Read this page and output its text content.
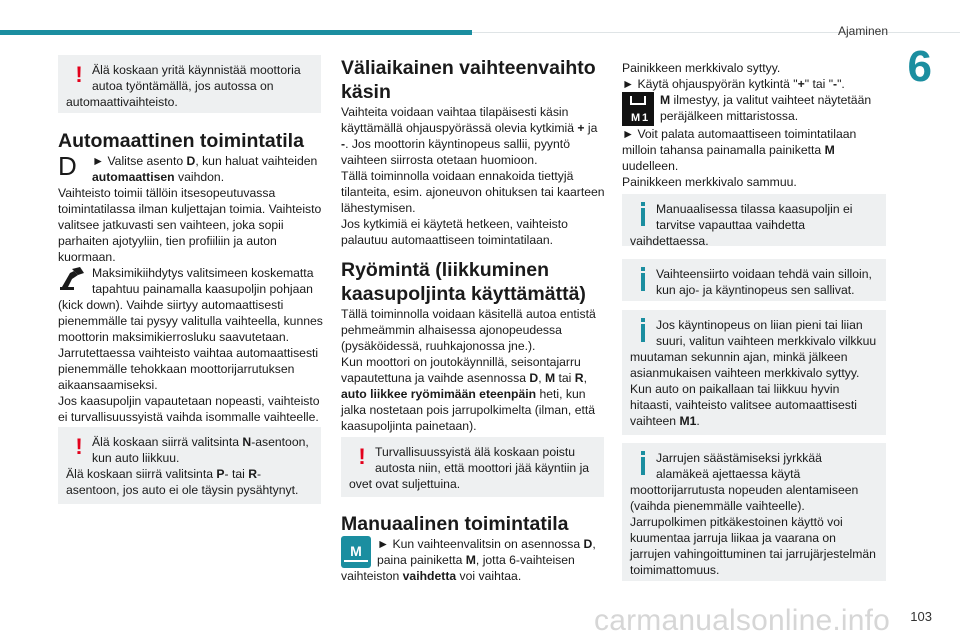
Ajaminen
6
! Älä koskaan yritä käynnistää moottoria autoa työntämällä, jos autossa on automaattivaihteisto.
Automaattinen toimintatila
D	► Valitse asento D, kun haluat vaihteiden automaattisen vaihdon.
Vaihteisto toimii tällöin itsesopeutuvassa toimintatilassa ilman kuljettajan toimia. Vaihteisto valitsee jatkuvasti sen vaihteen, joka sopii parhaiten ajotyyliin, tien profiiliin ja auton kuormaan.
Maksimikiihdytys valitsimeen koskematta tapahtuu painamalla kaasupoljin pohjaan (kick down). Vaihde siirtyy automaattisesti pienemmälle tai pysyy valitulla vaihteella, kunnes moottorin maksimikierrosluku saavutetaan.
Jarrutettaessa vaihteisto vaihtaa automaattisesti pienemmälle tehokkaan moottorijarrutuksen aikaansaamiseksi.
Jos kaasupoljin vapautetaan nopeasti, vaihteisto ei turvallisuussyistä vaihda isommalle vaihteelle.
! Älä koskaan siirrä valitsinta N-asentoon, kun auto liikkuu.
Älä koskaan siirrä valitsinta P- tai R-asentoon, jos auto ei ole täysin pysähtynyt.
Väliaikainen vaihteenvaihto käsin
Vaihteita voidaan vaihtaa tilapäisesti käsin käyttämällä ohjauspyörässä olevia kytkimiä + ja -. Jos moottorin käyntinopeus sallii, pyyntö vaihteen siirrosta otetaan huomioon.
Tällä toiminnolla voidaan ennakoida tiettyjä tilanteita, esim. ajoneuvon ohituksen tai kaarteen lähestymisen.
Jos kytkimiä ei käytetä hetkeen, vaihteisto palautuu automaattiseen toimintatilaan.
Ryömintä (liikkuminen kaasupoljinta käyttämättä)
Tällä toiminnolla voidaan käsitellä autoa entistä pehmeämmin alhaisessa ajonopeudessa (pysäköidessä, ruuhkajonossa jne.).
Kun moottori on joutokäynnillä, seisontajarru vapautettuna ja vaihde asennossa D, M tai R, auto liikkee ryömimään eteenpäin heti, kun jalka nostetaan pois jarrupolkimelta (ilman, että kaasupoljinta painetaan).
! Turvallisuussyistä älä koskaan poistu autosta niin, että moottori jää käyntiin ja ovet ovat suljettuina.
Manuaalinen toimintatila
M ► Kun vaihteenvalitsin on asennossa D, paina painiketta M, jotta 6-vaihteisen vaihteiston vaihdetta voi vaihtaa.
Painikkeen merkkivalo syttyy.
► Käytä ohjauspyörän kytkintä "+" tai "-".
M 1
M ilmestyy, ja valitut vaihteet näytetään peräjälkeen mittaristossa.
► Voit palata automaattiseen toimintatilaan milloin tahansa painamalla painiketta M uudelleen.
Painikkeen merkkivalo sammuu.
Manuaalisessa tilassa kaasupoljin ei tarvitse vapauttaa vaihdetta vaihdettaessa.
Vaihteensiirto voidaan tehdä vain silloin, kun ajo- ja käyntinopeus sen sallivat.
Jos käyntinopeus on liian pieni tai liian suuri, valitun vaihteen merkkivalo vilkkuu muutaman sekunnin ajan, minkä jälkeen asianmukaisen vaihteen merkkivalo syttyy.
Kun auto on paikallaan tai liikkuu hyvin hitaasti, vaihteisto valitsee automaattisesti vaihteen M1.
Jarrujen säästämiseksi jyrkkää alamäkeä ajettaessa käytä moottorijarrutusta nopeuden alentamiseen (vaihda pienemmälle vaihteelle).
Jarrupolkimen pitkäkestoinen käyttö voi kuumentaa jarruja liikaa ja vaarana on jarrujen vahingoittuminen tai jarrujärjestelmän toimimattomuus.
carmanualsonline.info 103
